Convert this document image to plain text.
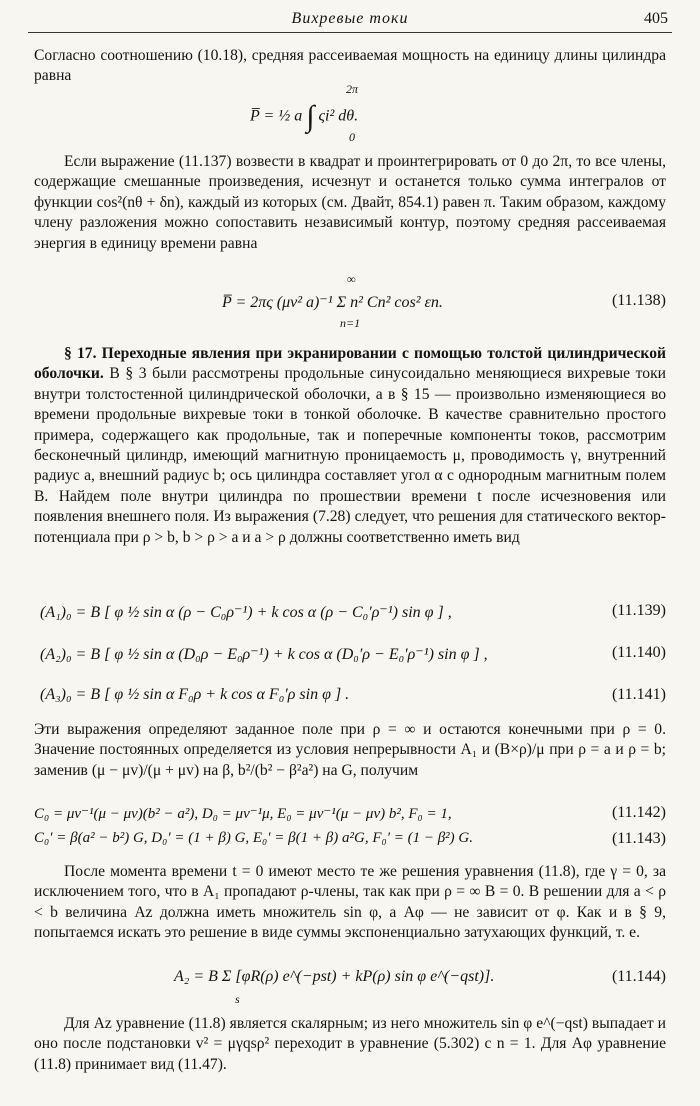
Вихревые токи	405
Согласно соотношению (10.18), средняя рассеиваемая мощность на единицу длины цилиндра равна
P̅ = ½ a ∫ ςi² dθ.
2π
0
Если выражение (11.137) возвести в квадрат и проинтегрировать от 0 до 2π, то все члены, содержащие смешанные произведения, исчезнут и останется только сумма интегралов от функции cos²(nθ + δn), каждый из которых (см. Двайт, 854.1) равен π. Таким образом, каждому члену разложения можно сопоставить независимый контур, поэтому средняя рассеиваемая энергия в единицу времени равна
∞
P̅ = 2πς (μv² a)⁻¹ Σ n² Cn² cos² εn.	(11.138)
n=1
§ 17. Переходные явления при экранировании с помощью толстой цилиндрической оболочки. В § 3 были рассмотрены продольные синусоидально меняющиеся вихревые токи внутри толстостенной цилиндрической оболочки, а в § 15 — произвольно изменяющиеся во времени продольные вихревые токи в тонкой оболочке. В качестве сравнительно простого примера, содержащего как продольные, так и поперечные компоненты токов, рассмотрим бесконечный цилиндр, имеющий магнитную проницаемость μ, проводимость γ, внутренний радиус a, внешний радиус b; ось цилиндра составляет угол α с однородным магнитным полем B. Найдем поле внутри цилиндра по прошествии времени t после исчезновения или появления внешнего поля. Из выражения (7.28) следует, что решения для статического вектор-потенциала при ρ > b, b > ρ > a и a > ρ должны соответственно иметь вид
(A₁)₀ = B [ φ ½ sin α (ρ − C₀ρ⁻¹) + k cos α (ρ − C₀′ρ⁻¹) sin φ ] ,	(11.139)
(A₂)₀ = B [ φ ½ sin α (D₀ρ − E₀ρ⁻¹) + k cos α (D₀′ρ − E₀′ρ⁻¹) sin φ ] ,	(11.140)
(A₃)₀ = B [ φ ½ sin α F₀ρ + k cos α F₀′ρ sin φ ] .	(11.141)
Эти выражения определяют заданное поле при ρ = ∞ и остаются конечными при ρ = 0. Значение постоянных определяется из условия непрерывности A₁ и (B×ρ)/μ при ρ = a и ρ = b; заменив (μ − μv)/(μ + μv) на β, b²/(b² − β²a²) на G, получим
C₀ = μv⁻¹(μ − μv)(b² − a²), D₀ = μv⁻¹μ, E₀ = μv⁻¹(μ − μv) b², F₀ = 1,	(11.142)
C₀′ = β(a² − b²) G, D₀′ = (1 + β) G, E₀′ = β(1 + β) a²G, F₀′ = (1 − β²) G.	(11.143)
После момента времени t = 0 имеют место те же решения уравнения (11.8), где γ = 0, за исключением того, что в A₁ пропадают ρ-члены, так как при ρ = ∞ B = 0. В решении для a < ρ < b величина Az должна иметь множитель sin φ, а Aφ — не зависит от φ. Как и в § 9, попытаемся искать это решение в виде суммы экспоненциально затухающих функций, т. е.
A₂ = B Σ [φR(ρ) e^(−pst) + kP(ρ) sin φ e^(−qst)].	(11.144)
s
Для Az уравнение (11.8) является скалярным; из него множитель sin φ e^(−qst) выпадает и оно после подстановки v² = μγqsρ² переходит в уравнение (5.302) с n = 1. Для Aφ уравнение (11.8) принимает вид (11.47).
